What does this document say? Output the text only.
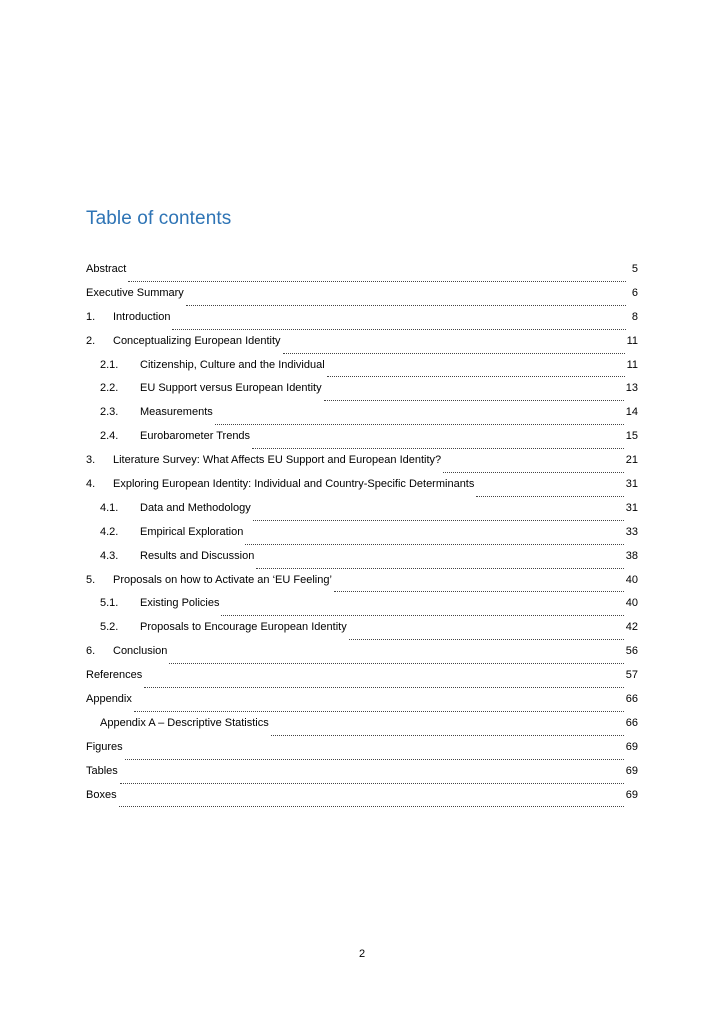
Table of contents
Abstract	5
Executive Summary	6
1.	Introduction	8
2.	Conceptualizing European Identity	11
2.1.	Citizenship, Culture and the Individual	11
2.2.	EU Support versus European Identity	13
2.3.	Measurements	14
2.4.	Eurobarometer Trends	15
3.	Literature Survey: What Affects EU Support and European Identity?	21
4.	Exploring European Identity: Individual and Country-Specific Determinants	31
4.1.	Data and Methodology	31
4.2.	Empirical Exploration	33
4.3.	Results and Discussion	38
5.	Proposals on how to Activate an ‘EU Feeling’	40
5.1.	Existing Policies	40
5.2.	Proposals to Encourage European Identity	42
6.	Conclusion	56
References	57
Appendix	66
Appendix A – Descriptive Statistics	66
Figures	69
Tables	69
Boxes	69
2
